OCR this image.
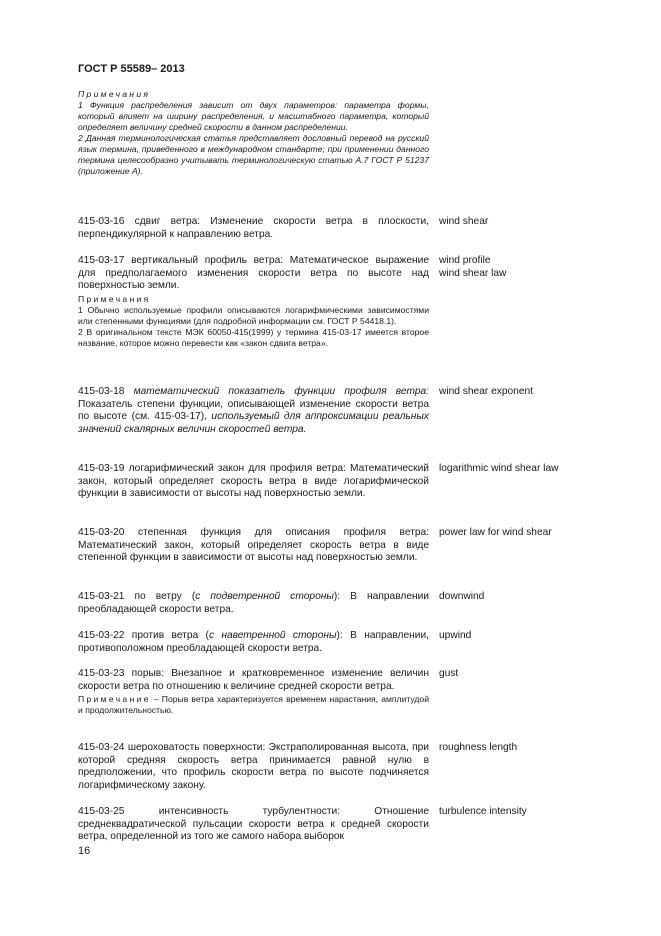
ГОСТ Р 55589– 2013

Примечания

1 Функция распределения зависит от двух параметров: параметра формы, который влияет на ширину распределения, и масштабного параметра, который определяет величину средней скорости в данном распределении.

2 Данная терминологическая статья представляет дословный перевод на русский язык термина, приведенного в международном стандарте; при применении данного термина целесообразно учитывать терминологическую статью А.7 ГОСТ Р 51237 (приложение А).

415-03-16 сдвиг ветра: Изменение скорости ветра в плоскости, перпендикулярной к направлению ветра.

wind shear

415-03-17 вертикальный профиль ветра: Математическое выражение для предполагаемого изменения скорости ветра по высоте над поверхностью земли.

Примечания

1 Обычно используемые профили описываются логарифмическими зависимостями или степенными функциями (для подробной информации см. ГОСТ Р 54418.1).

2 В оригинальном тексте МЭК 60050-415(1999) у термина 415-03-17 имеется второе название, которое можно перевести как «закон сдвига ветра».

wind profile
wind shear law

415-03-18 математический показатель функции профиля ветра: Показатель степени функции, описывающей изменение скорости ветра по высоте (см. 415-03-17), используемый для аппроксимации реальных значений скалярных величин скоростей ветра.

wind shear exponent

415-03-19 логарифмический закон для профиля ветра: Математический закон, который определяет скорость ветра в виде логарифмической функции в зависимости от высоты над поверхностью земли.

logarithmic wind shear law

415-03-20 степенная функция для описания профиля ветра: Математический закон, который определяет скорость ветра в виде степенной функции в зависимости от высоты над поверхностью земли.

power law for wind shear

415-03-21 по ветру (с подветренной стороны): В направлении преобладающей скорости ветра.

downwind

415-03-22 против ветра (с наветренной стороны): В направлении, противоположном преобладающей скорости ветра.

upwind

415-03-23 порыв: Внезапное и кратковременное изменение величин скорости ветра по отношению к величине средней скорости ветра.

Примечание – Порыв ветра характеризуется временем нарастания, амплитудой и продолжительностью.

gust

415-03-24 шероховатость поверхности: Экстраполированная высота, при которой средняя скорость ветра принимается равной нулю в предположении, что профиль скорости ветра по высоте подчиняется логарифмическому закону.

roughness length

415-03-25 интенсивность турбулентности: Отношение среднеквадратической пульсации скорости ветра к средней скорости ветра, определенной из того же самого набора выборок

turbulence intensity
16
